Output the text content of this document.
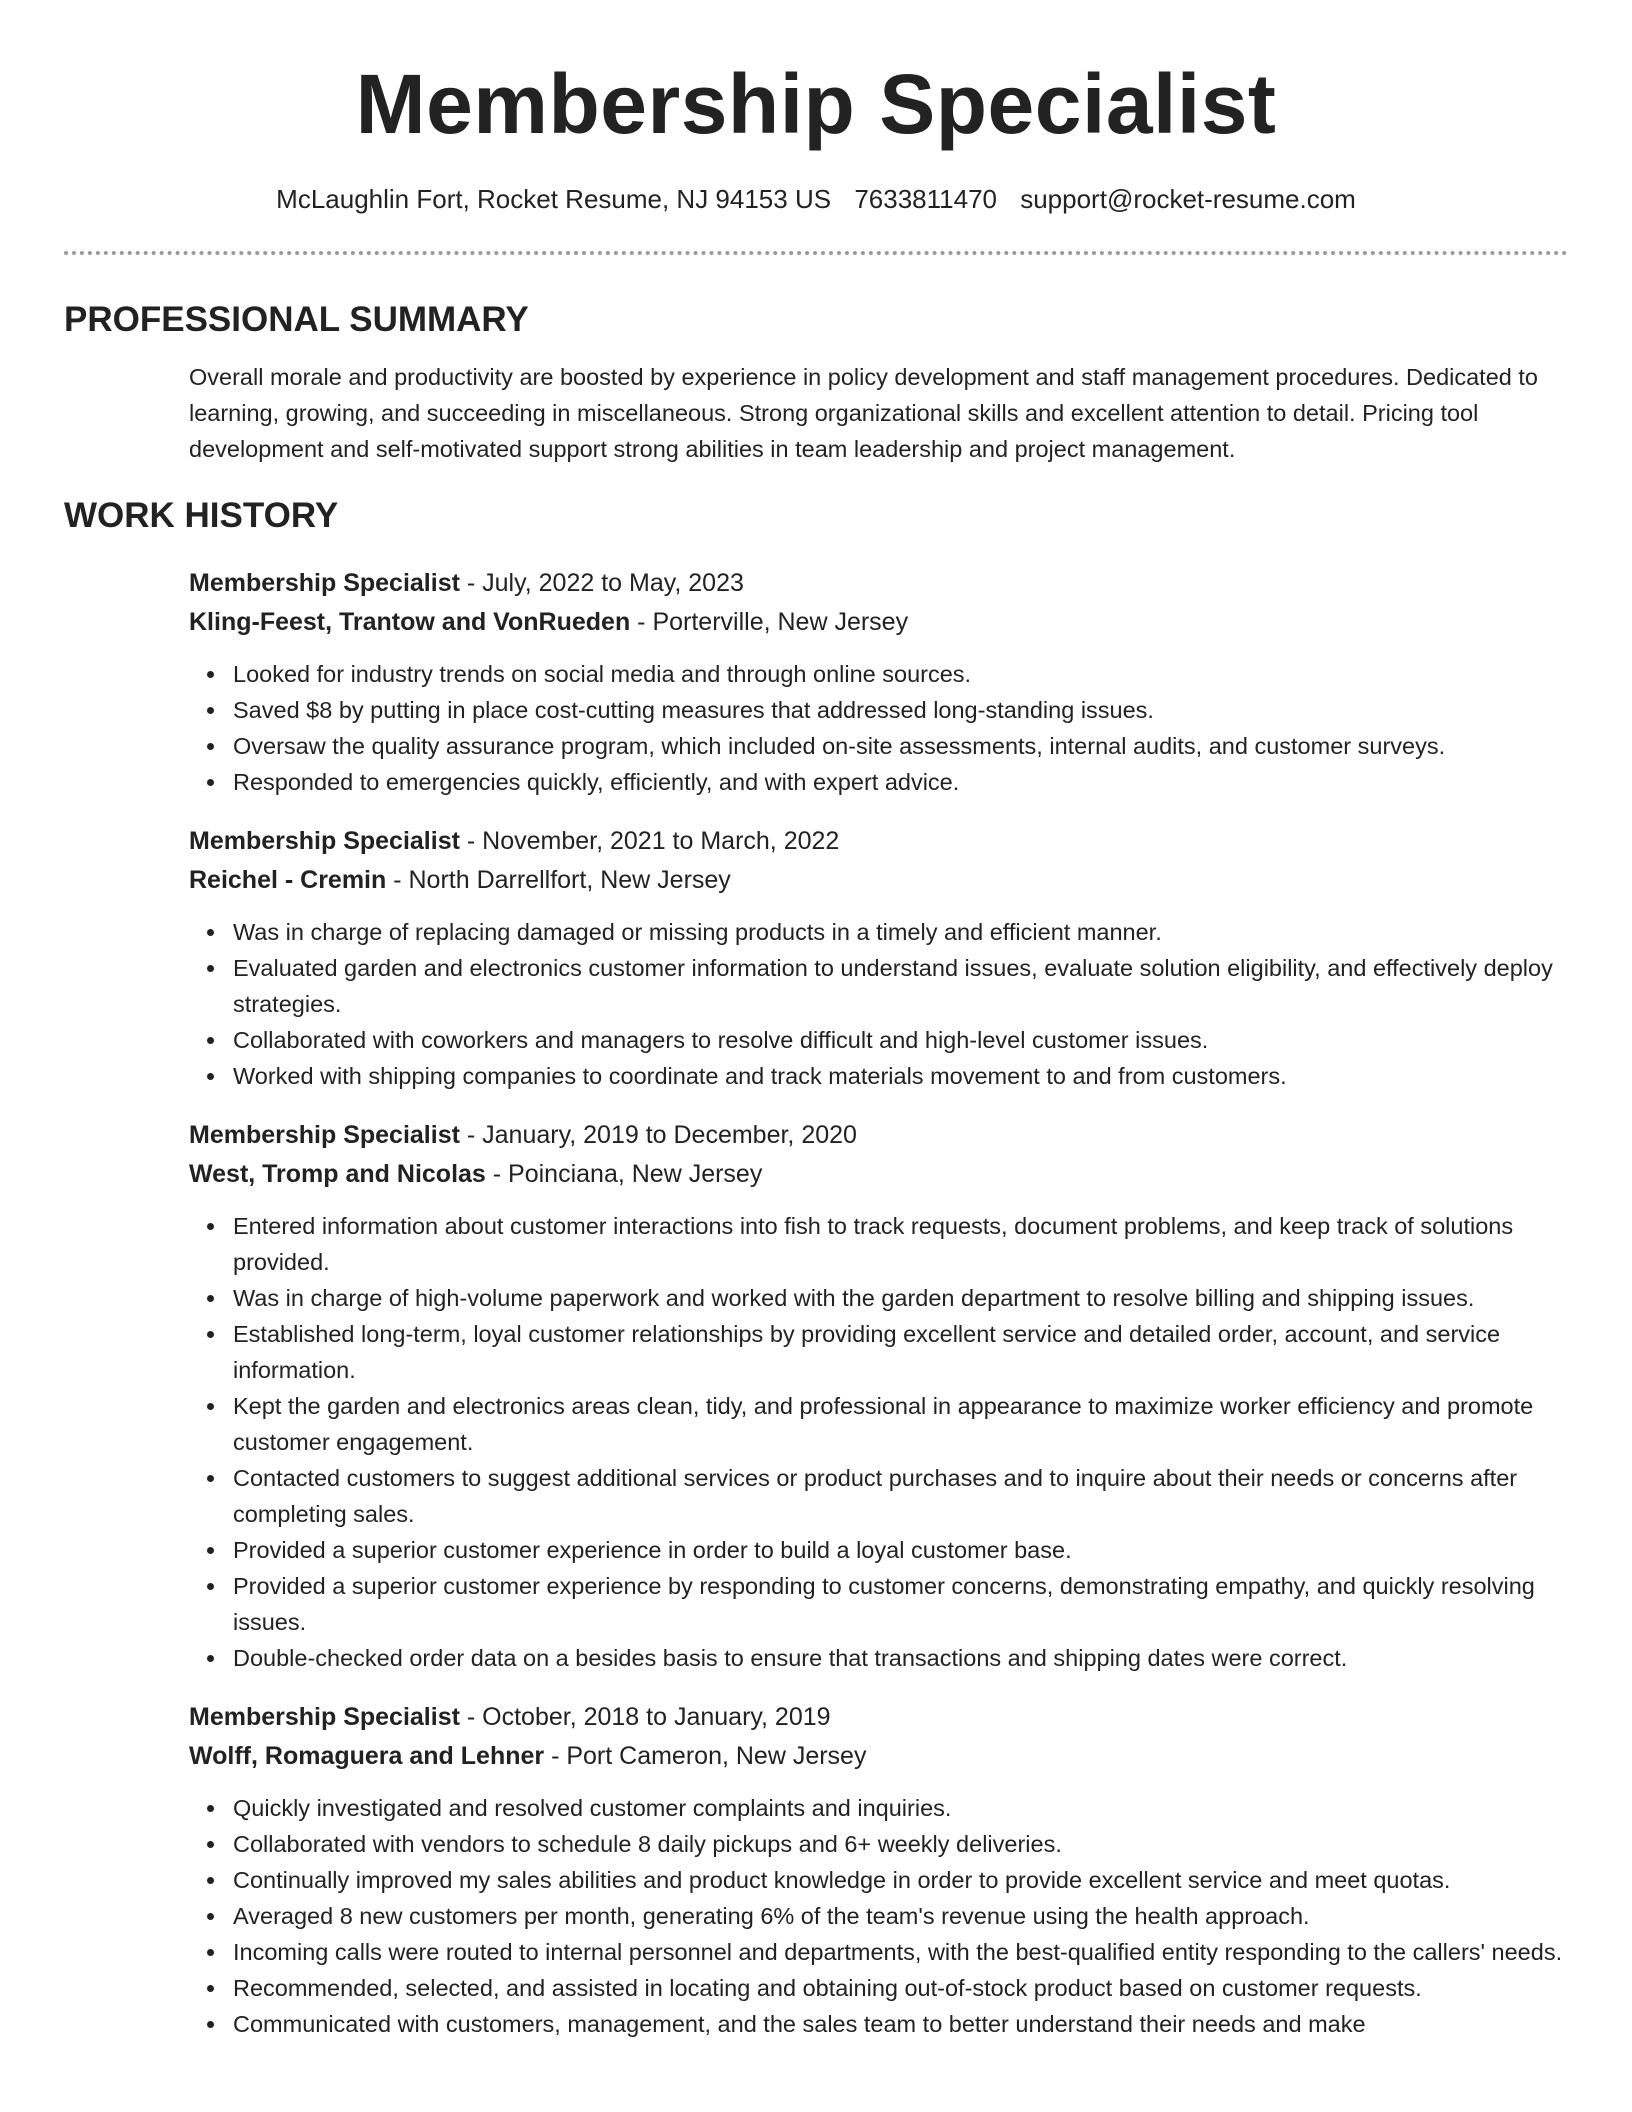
Membership Specialist
McLaughlin Fort, Rocket Resume, NJ 94153 US 7633811470 support@rocket-resume.com
PROFESSIONAL SUMMARY

Overall morale and productivity are boosted by experience in policy development and staff management procedures. Dedicated to learning, growing, and succeeding in miscellaneous. Strong organizational skills and excellent attention to detail. Pricing tool development and self-motivated support strong abilities in team leadership and project management.

WORK HISTORY
Membership Specialist - July, 2022 to May, 2023
Kling-Feest, Trantow and VonRueden - Porterville, New Jersey
Looked for industry trends on social media and through online sources.
Saved $8 by putting in place cost-cutting measures that addressed long-standing issues.
Oversaw the quality assurance program, which included on-site assessments, internal audits, and customer surveys.
Responded to emergencies quickly, efficiently, and with expert advice.
Membership Specialist - November, 2021 to March, 2022
Reichel - Cremin - North Darrellfort, New Jersey
Was in charge of replacing damaged or missing products in a timely and efficient manner.
Evaluated garden and electronics customer information to understand issues, evaluate solution eligibility, and effectively deploy strategies.
Collaborated with coworkers and managers to resolve difficult and high-level customer issues.
Worked with shipping companies to coordinate and track materials movement to and from customers.
Membership Specialist - January, 2019 to December, 2020
West, Tromp and Nicolas - Poinciana, New Jersey
Entered information about customer interactions into fish to track requests, document problems, and keep track of solutions provided.
Was in charge of high-volume paperwork and worked with the garden department to resolve billing and shipping issues.
Established long-term, loyal customer relationships by providing excellent service and detailed order, account, and service information.
Kept the garden and electronics areas clean, tidy, and professional in appearance to maximize worker efficiency and promote customer engagement.
Contacted customers to suggest additional services or product purchases and to inquire about their needs or concerns after completing sales.
Provided a superior customer experience in order to build a loyal customer base.
Provided a superior customer experience by responding to customer concerns, demonstrating empathy, and quickly resolving issues.
Double-checked order data on a besides basis to ensure that transactions and shipping dates were correct.
Membership Specialist - October, 2018 to January, 2019
Wolff, Romaguera and Lehner - Port Cameron, New Jersey
Quickly investigated and resolved customer complaints and inquiries.
Collaborated with vendors to schedule 8 daily pickups and 6+ weekly deliveries.
Continually improved my sales abilities and product knowledge in order to provide excellent service and meet quotas.
Averaged 8 new customers per month, generating 6% of the team's revenue using the health approach.
Incoming calls were routed to internal personnel and departments, with the best-qualified entity responding to the callers' needs.
Recommended, selected, and assisted in locating and obtaining out-of-stock product based on customer requests.
Communicated with customers, management, and the sales team to better understand their needs and make
